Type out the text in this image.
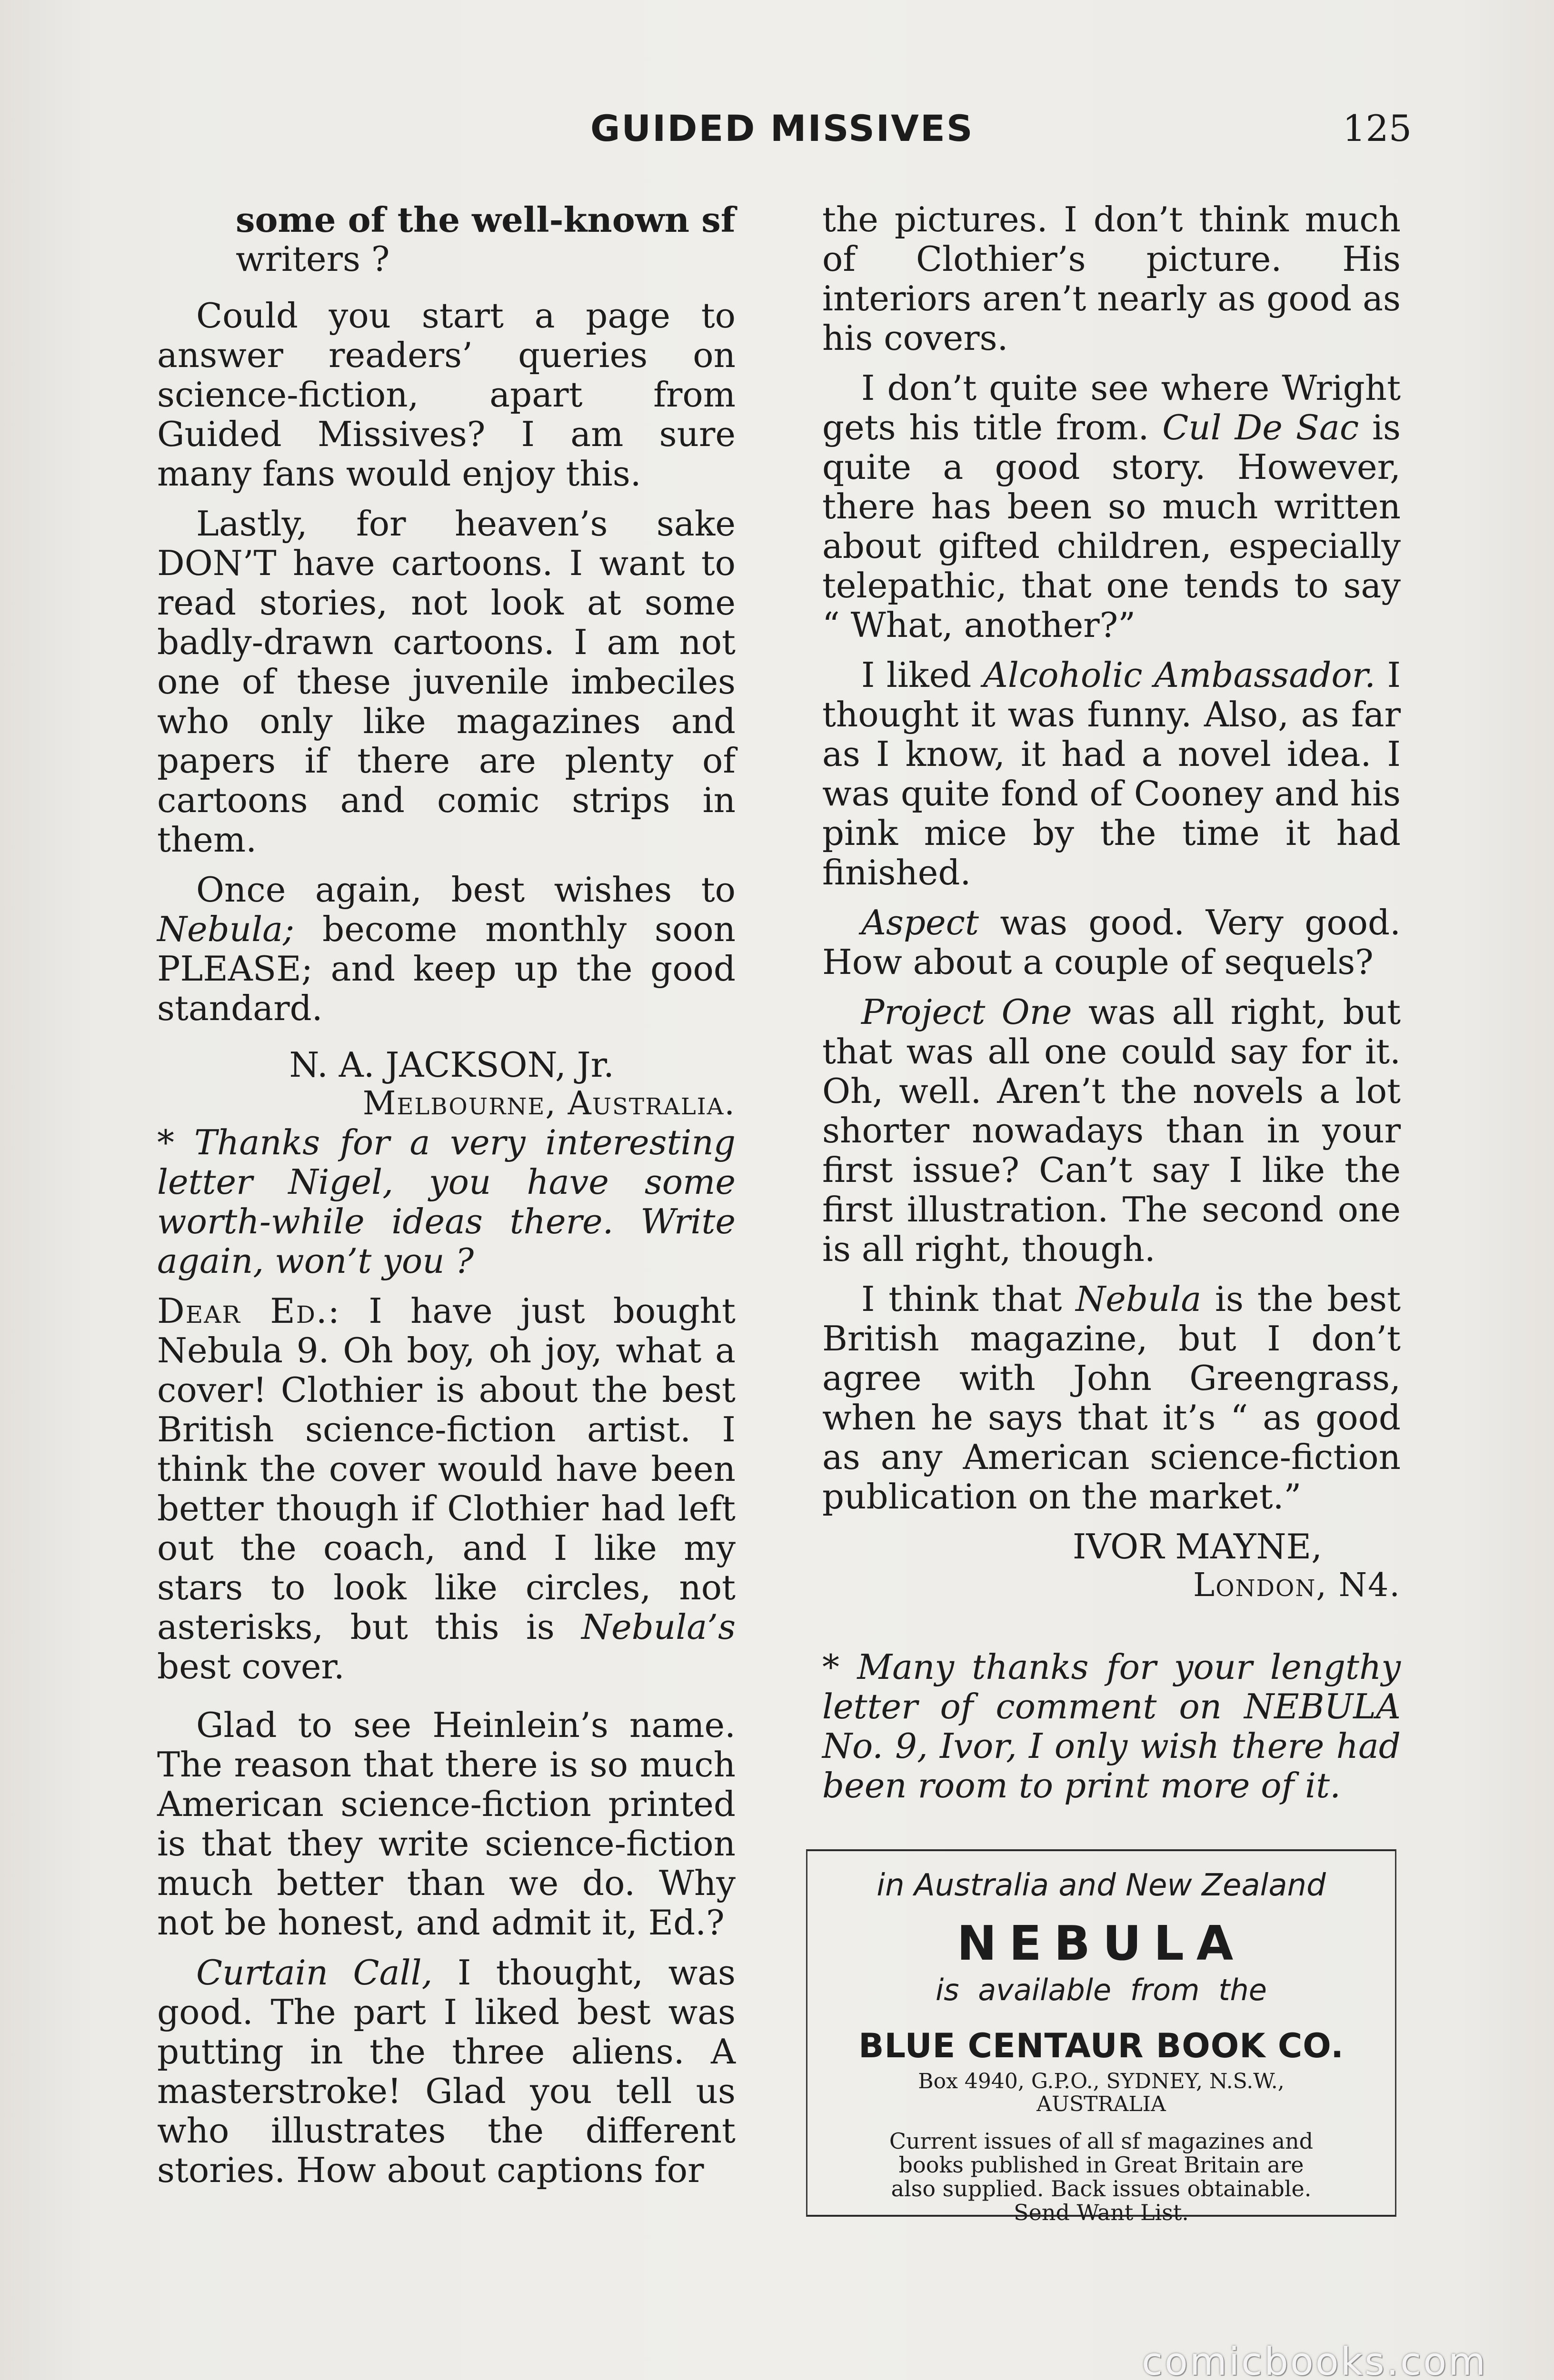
GUIDED MISSIVES	125

some of the well-known sf
writers ?

Could you start a page to answer readers’ queries on science-fiction, apart from Guided Missives? I am sure many fans would enjoy this.

Lastly, for heaven’s sake DON’T have cartoons. I want to read stories, not look at some badly-drawn cartoons. I am not one of these juvenile imbeciles who only like magazines and papers if there are plenty of cartoons and comic strips in them.

Once again, best wishes to Nebula; become monthly soon PLEASE; and keep up the good standard.

N. A. JACKSON, Jr.
Melbourne, Australia.

* Thanks for a very interesting letter Nigel, you have some worth-while ideas there. Write again, won’t you ?

Dear Ed.: I have just bought Nebula 9. Oh boy, oh joy, what a cover! Clothier is about the best British science-fiction artist. I think the cover would have been better though if Clothier had left out the coach, and I like my stars to look like circles, not asterisks, but this is Nebula’s best cover.

Glad to see Heinlein’s name. The reason that there is so much American science-fiction printed is that they write science-fiction much better than we do. Why not be honest, and admit it, Ed.?

Curtain Call, I thought, was good. The part I liked best was putting in the three aliens. A masterstroke! Glad you tell us who illustrates the different stories. How about captions for

the pictures. I don’t think much of Clothier’s picture. His interiors aren’t nearly as good as his covers.

I don’t quite see where Wright gets his title from. Cul De Sac is quite a good story. However, there has been so much written about gifted children, especially telepathic, that one tends to say “ What, another?”

I liked Alcoholic Ambassador. I thought it was funny. Also, as far as I know, it had a novel idea. I was quite fond of Cooney and his pink mice by the time it had finished.

Aspect was good. Very good. How about a couple of sequels?

Project One was all right, but that was all one could say for it. Oh, well. Aren’t the novels a lot shorter nowadays than in your first issue? Can’t say I like the first illustration. The second one is all right, though.

I think that Nebula is the best British magazine, but I don’t agree with John Greengrass, when he says that it’s “ as good as any American science-fiction publication on the market.”

IVOR MAYNE,
London, N4.

* Many thanks for your lengthy letter of comment on NEBULA No. 9, Ivor, I only wish there had been room to print more of it.

in Australia and New Zealand
NEBULA
is available from the
BLUE CENTAUR BOOK CO.
Box 4940, G.P.O., SYDNEY, N.S.W.,
AUSTRALIA
Current issues of all sf magazines and
books published in Great Britain are
also supplied. Back issues obtainable.
Send Want List.
comicbooks.com
